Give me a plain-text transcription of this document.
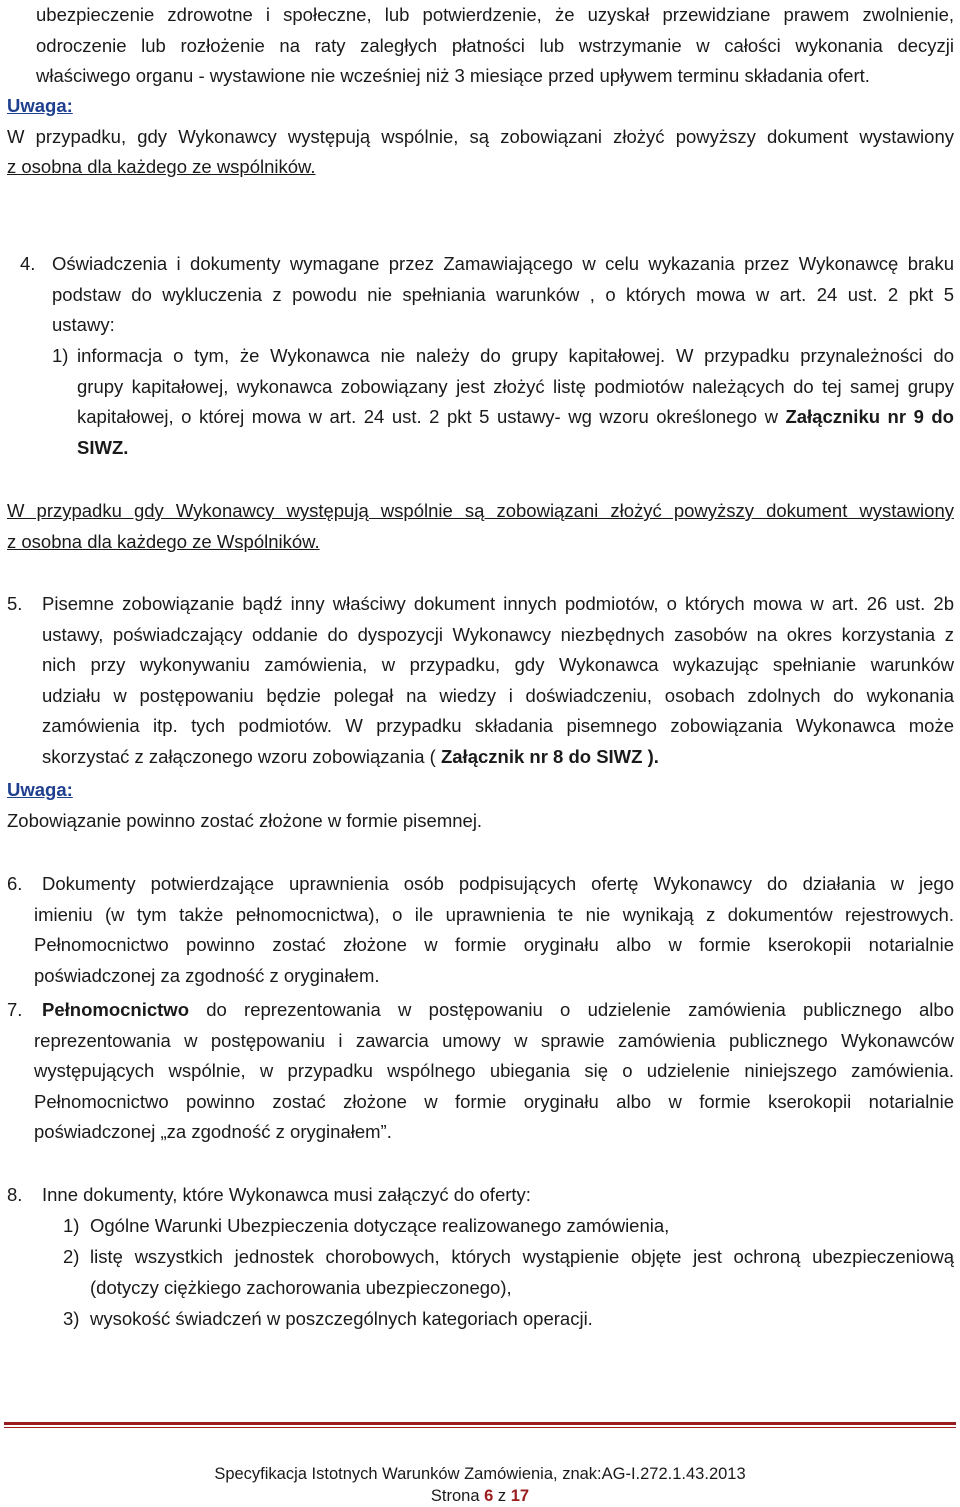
ubezpieczenie zdrowotne i społeczne, lub potwierdzenie, że uzyskał przewidziane prawem zwolnienie,
odroczenie lub rozłożenie na raty zaległych płatności lub wstrzymanie w całości wykonania decyzji
właściwego organu - wystawione nie wcześniej niż 3 miesiące przed upływem terminu składania ofert.
Uwaga:
W przypadku, gdy Wykonawcy występują wspólnie, są zobowiązani złożyć powyższy dokument wystawiony
z osobna dla każdego ze wspólników.
4. Oświadczenia i dokumenty wymagane przez Zamawiającego w celu wykazania przez Wykonawcę braku
podstaw do wykluczenia z powodu nie spełniania warunków , o których mowa w art. 24 ust. 2 pkt 5
ustawy:
1) informacja o tym, że Wykonawca nie należy do grupy kapitałowej. W przypadku przynależności do
grupy kapitałowej, wykonawca zobowiązany jest złożyć listę podmiotów należących do tej samej grupy
kapitałowej, o której mowa w art. 24 ust. 2 pkt 5 ustawy- wg wzoru określonego w Załączniku nr 9 do
SIWZ.
W przypadku gdy Wykonawcy występują wspólnie są zobowiązani złożyć powyższy dokument wystawiony
z osobna dla każdego ze Wspólników.
5. Pisemne zobowiązanie bądź inny właściwy dokument innych podmiotów, o których mowa w art. 26 ust. 2b
ustawy, poświadczający oddanie do dyspozycji Wykonawcy niezbędnych zasobów na okres korzystania z
nich przy wykonywaniu zamówienia, w przypadku, gdy Wykonawca wykazując spełnianie warunków
udziału w postępowaniu będzie polegał na wiedzy i doświadczeniu, osobach zdolnych do wykonania
zamówienia itp. tych podmiotów. W przypadku składania pisemnego zobowiązania Wykonawca może
skorzystać z załączonego wzoru zobowiązania ( Załącznik nr 8 do SIWZ ).
Uwaga:
Zobowiązanie powinno zostać złożone w formie pisemnej.
6.	Dokumenty potwierdzające uprawnienia osób podpisujących ofertę Wykonawcy do działania w jego
imieniu (w tym także pełnomocnictwa), o ile uprawnienia te nie wynikają z dokumentów rejestrowych.
Pełnomocnictwo powinno zostać złożone w formie oryginału albo w formie kserokopii notarialnie
poświadczonej za zgodność z oryginałem.
7.	Pełnomocnictwo do reprezentowania w postępowaniu o udzielenie zamówienia publicznego albo
reprezentowania w postępowaniu i zawarcia umowy w sprawie zamówienia publicznego Wykonawców
występujących wspólnie, w przypadku wspólnego ubiegania się o udzielenie niniejszego zamówienia.
Pełnomocnictwo powinno zostać złożone w formie oryginału albo w formie kserokopii notarialnie
poświadczonej „za zgodność z oryginałem”.
8. Inne dokumenty, które Wykonawca musi załączyć do oferty:
1) Ogólne Warunki Ubezpieczenia dotyczące realizowanego zamówienia,
2) listę wszystkich jednostek chorobowych, których wystąpienie objęte jest ochroną ubezpieczeniową
(dotyczy ciężkiego zachorowania ubezpieczonego),
3) wysokość świadczeń w poszczególnych kategoriach operacji.
Specyfikacja Istotnych Warunków Zamówienia, znak:AG-I.272.1.43.2013
Strona 6 z 17
